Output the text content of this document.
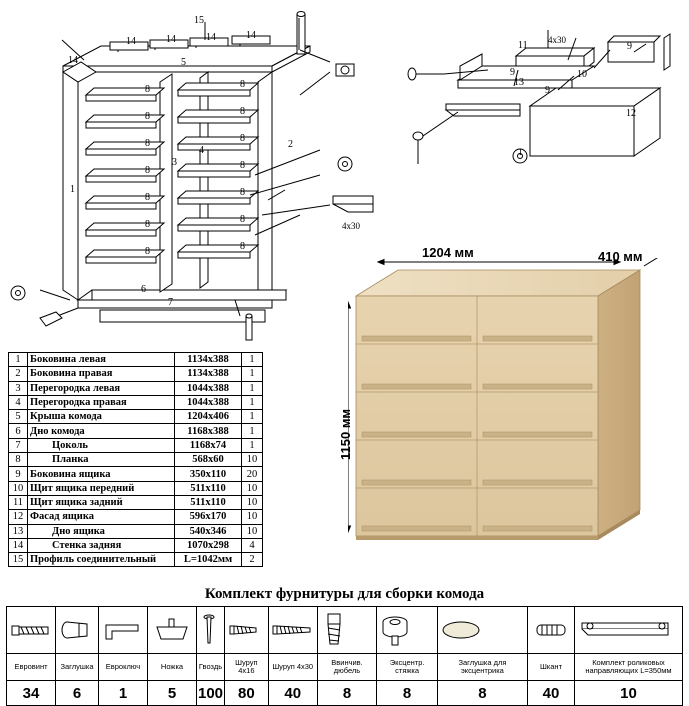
15
14	14	14	14
14	5
1
2
3
4
6
7
8
8
8
8
8
8
8
8
8
8
8
8
8
8
4х30
11 4х30
9
9
13
10
9
12
1
1	Боковина левая	1134х388	1
2	Боковина правая	1134х388	1
3	Перегородка левая	1044х388	1
4	Перегородка правая	1044х388	1
5	Крыша комода	1204х406	1
6	Дно комода	1168х388	1
7	Цоколь	1168х74	1
8	Планка	568х60	10
9	Боковина ящика	350х110	20
10	Щит ящика передний	511х110	10
11	Щит ящика задний	511х110	10
12	Фасад ящика	596х170	10
13	Дно ящика	540х346	10
14	Стенка задняя	1070х298	4
15	Профиль соединительный	L=1042мм	2
1204 мм	410 мм
1150 мм
Комплект фурнитуры для сборки комода

Евровинт	Заглушка	Евроключ	Ножка	Гвоздь	Шуруп 4х16	Шуруп 4х30	Ввинчив. дюбель	Эксцентр. стяжка	Заглушка для эксцентрика	Шкант	Комплект роликовых направляющих L=350мм
34	6	1	5	100	80	40	8	8	8	40	10
